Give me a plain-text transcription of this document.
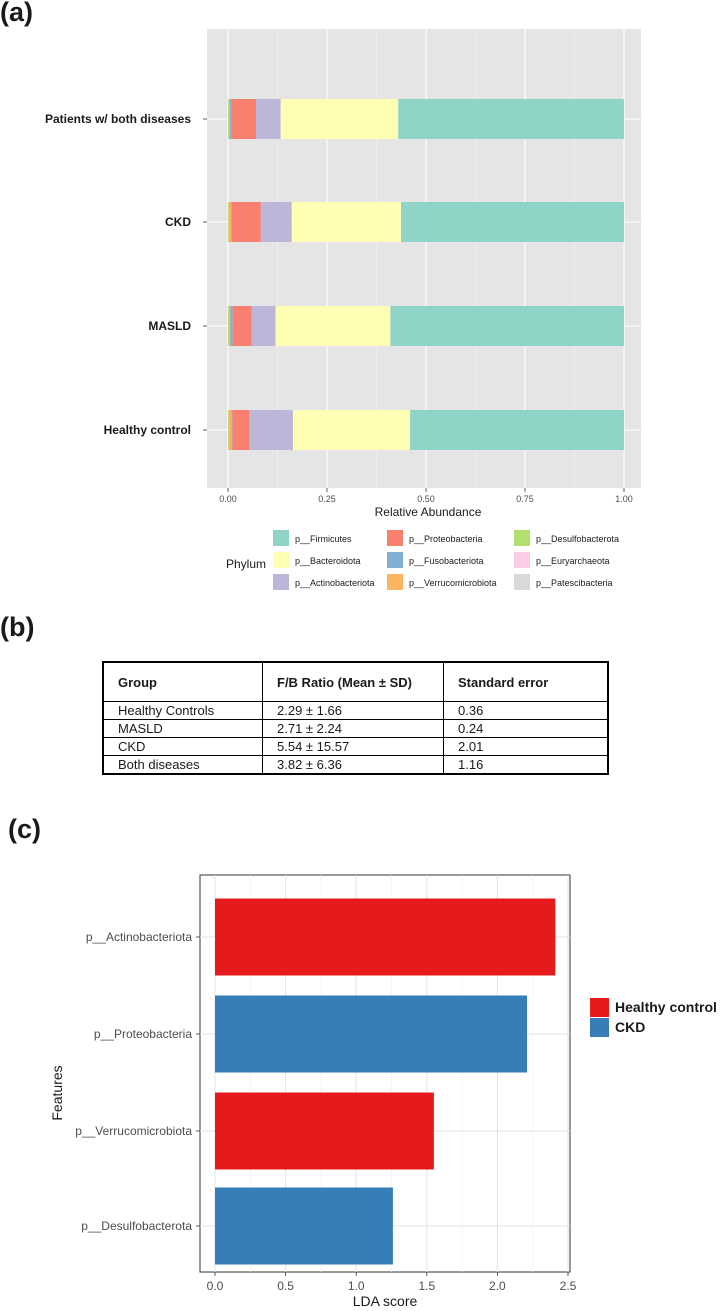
(a)
(b)
(c)
Patients w/ both diseases
CKD
MASLD
Healthy control
0.00	0.25	0.50	0.75	1.00
Relative Abundance
Phylum
p__Firmicutes
p__Bacteroidota
p__Actinobacteriota
p__Proteobacteria
p__Fusobacteriota
p__Verrucomicrobiota
p__Desulfobacterota
p__Euryarchaeota
p__Patescibacteria
Group	F/B Ratio (Mean ± SD)	Standard error
Healthy Controls	2.29 ± 1.66	0.36
MASLD	2.71 ± 2.24	0.24
CKD	5.54 ± 15.57	2.01
Both diseases	3.82 ± 6.36	1.16
p__Actinobacteriota
p__Proteobacteria
p__Verrucomicrobiota
p__Desulfobacterota
0.0	0.5	1.0	1.5	2.0	2.5
LDA score
Features
Healthy control
CKD
